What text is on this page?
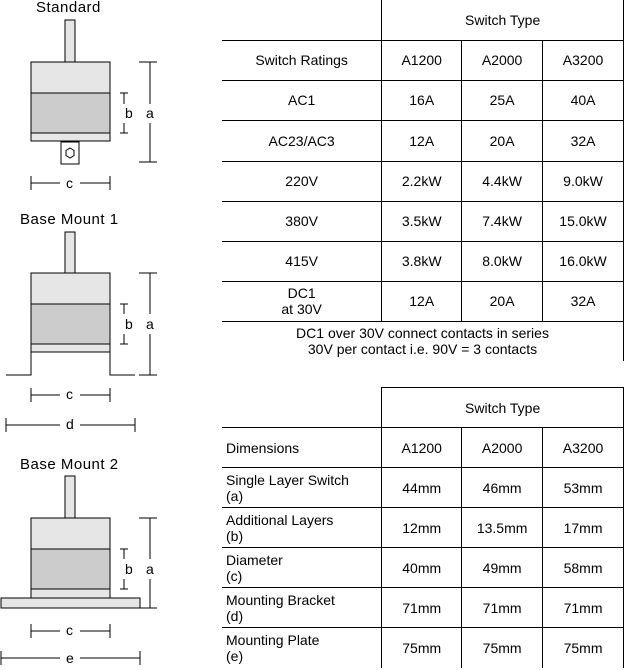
Standard
b a
c
Base Mount 1
b a
c
d
Base Mount 2
b a
c
e
	Switch Type		
Switch Ratings	A1200	A2000	A3200
AC1	16A	25A	40A
AC23/AC3	12A	20A	32A
220V	2.2kW	4.4kW	9.0kW
380V	3.5kW	7.4kW	15.0kW
415V	3.8kW	8.0kW	16.0kW

DC1
at 30V	12A	20A	32A

DC1 over 30V connect contacts in series
30V per contact i.e. 90V = 3 contacts			
	Switch Type		
Dimensions	A1200	A2000	A3200

Single Layer Switch
(a)	44mm	46mm	53mm

Additional Layers
(b)	12mm	13.5mm	17mm

Diameter
(c)	40mm	49mm	58mm

Mounting Bracket
(d)	71mm	71mm	71mm

Mounting Plate
(e)	75mm	75mm	75mm
